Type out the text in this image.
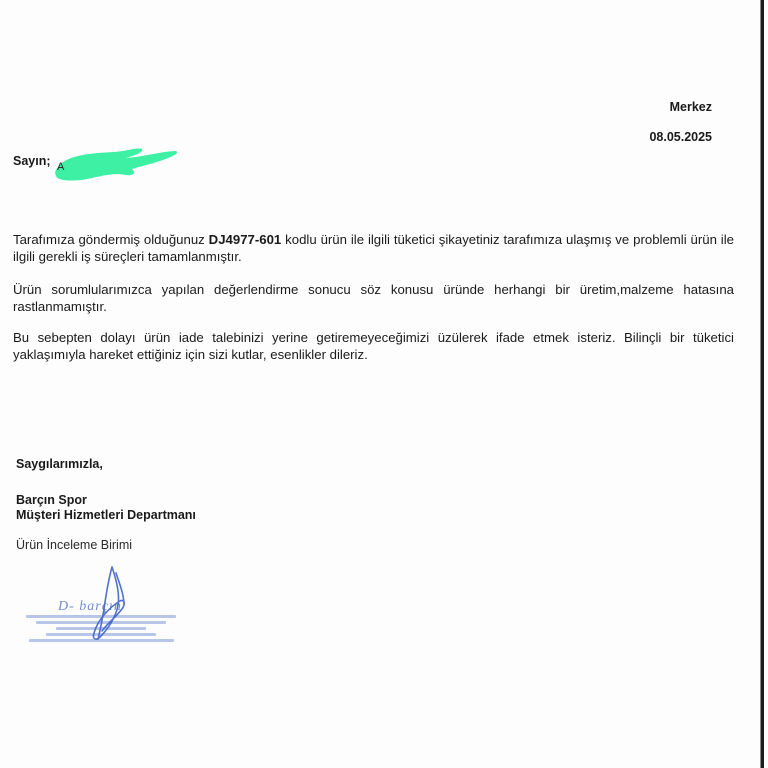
Merkez
08.05.2025
Sayın; A

Tarafımıza göndermiş olduğunuz DJ4977-601 kodlu ürün ile ilgili tüketici şikayetiniz tarafımıza ulaşmış ve problemli ürün ile ilgili gerekli iş süreçleri tamamlanmıştır.

Ürün sorumlularımızca yapılan değerlendirme sonucu söz konusu üründe herhangi bir üretim,malzeme hatasına rastlanmamıştır.

Bu sebepten dolayı ürün iade talebinizi yerine getiremeyeceğimizi üzülerek ifade etmek isteriz. Bilinçli bir tüketici yaklaşımıyla hareket ettiğiniz için sizi kutlar, esenlikler dileriz.

Saygılarımızla,
Barçın Spor
Müşteri Hizmetleri Departmanı
Ürün İnceleme Birimi
D- barçın
